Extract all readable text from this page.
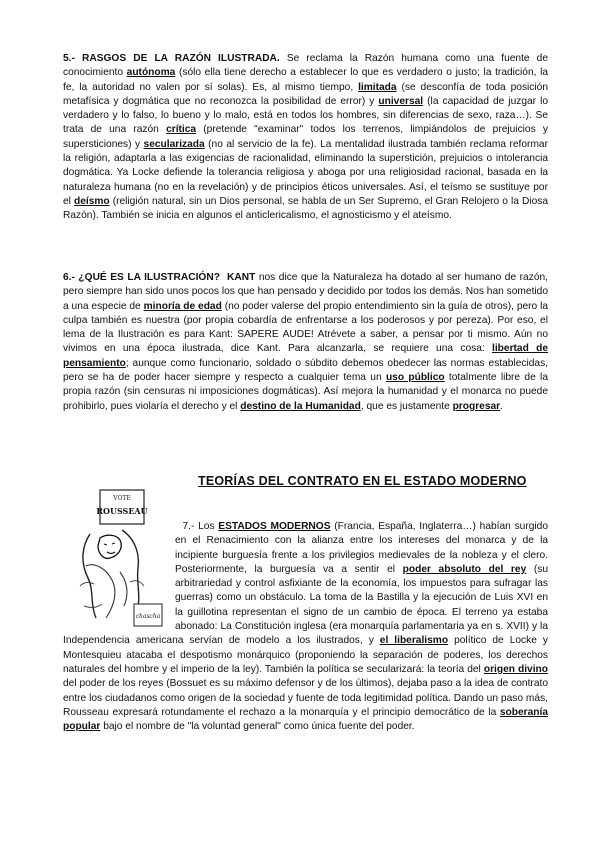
5.- RASGOS DE LA RAZÓN ILUSTRADA. Se reclama la Razón humana como una fuente de conocimiento autónoma (sólo ella tiene derecho a establecer lo que es verdadero o justo; la tradición, la fe, la autoridad no valen por sí solas). Es, al mismo tiempo, limitada (se desconfía de toda posición metafísica y dogmática que no reconozca la posibilidad de error) y universal (la capacidad de juzgar lo verdadero y lo falso, lo bueno y lo malo, está en todos los hombres, sin diferencias de sexo, raza…). Se trata de una razón crítica (pretende "examinar" todos los terrenos, limpiándolos de prejuicios y supersticiones) y secularizada (no al servicio de la fe). La mentalidad ilustrada también reclama reformar la religión, adaptarla a las exigencias de racionalidad, eliminando la superstición, prejuicios o intolerancia dogmática. Ya Locke defiende la tolerancia religiosa y aboga por una religiosidad racional, basada en la naturaleza humana (no en la revelación) y de principios éticos universales. Así, el teísmo se sustituye por el deísmo (religión natural, sin un Dios personal, se habla de un Ser Supremo, el Gran Relojero o la Diosa Razón). También se inicia en algunos el anticlericalismo, el agnosticismo y el ateísmo.

6.- ¿QUÉ ES LA ILUSTRACIÓN? KANT nos dice que la Naturaleza ha dotado al ser humano de razón, pero siempre han sido unos pocos los que han pensado y decidido por todos los demás. Nos han sometido a una especie de minoría de edad (no poder valerse del propio entendimiento sin la guía de otros), pero la culpa también es nuestra (por propia cobardía de enfrentarse a los poderosos y por pereza). Por eso, el lema de la Ilustración es para Kant: SAPERE AUDE! Atrévete a saber, a pensar por ti mismo. Aún no vivimos en una época ilustrada, dice Kant. Para alcanzarla, se requiere una cosa: libertad de pensamiento; aunque como funcionario, soldado o súbdito debemos obedecer las normas establecidas, pero se ha de poder hacer siempre y respecto a cualquier tema un uso público totalmente libre de la propia razón (sin censuras ni imposiciones dogmáticas). Así mejora la humanidad y el monarca no puede prohibirlo, pues violaría el derecho y el destino de la Humanidad, que es justamente progresar.

TEORÍAS DEL CONTRATO EN EL ESTADO MODERNO
VOTE
ROUSSEAU
chascha

7.- Los ESTADOS MODERNOS (Francia, España, Inglaterra…) habían surgido en el Renacimiento con la alianza entre los intereses del monarca y de la incipiente burguesía frente a los privilegios medievales de la nobleza y el clero. Posteriormente, la burguesía va a sentir el poder absoluto del rey (su arbitrariedad y control asfixiante de la economía, los impuestos para sufragar las guerras) como un obstáculo. La toma de la Bastilla y la ejecución de Luis XVI en la guillotina representan el signo de un cambio de época. El terreno ya estaba abonado: La Constitución inglesa (era monarquía parlamentaria ya en s. XVII) y la Independencia americana servían de modelo a los ilustrados, y el liberalismo político de Locke y Montesquieu atacaba el despotismo monárquico (proponiendo la separación de poderes, los derechos naturales del hombre y el imperio de la ley). También la política se secularizará: la teoría del origen divino del poder de los reyes (Bossuet es su máximo defensor y de los últimos), dejaba paso a la idea de contrato entre los ciudadanos como origen de la sociedad y fuente de toda legitimidad política. Dando un paso más, Rousseau expresará rotundamente el rechazo a la monarquía y el principio democrático de la soberanía popular bajo el nombre de "la voluntad general" como única fuente del poder.
